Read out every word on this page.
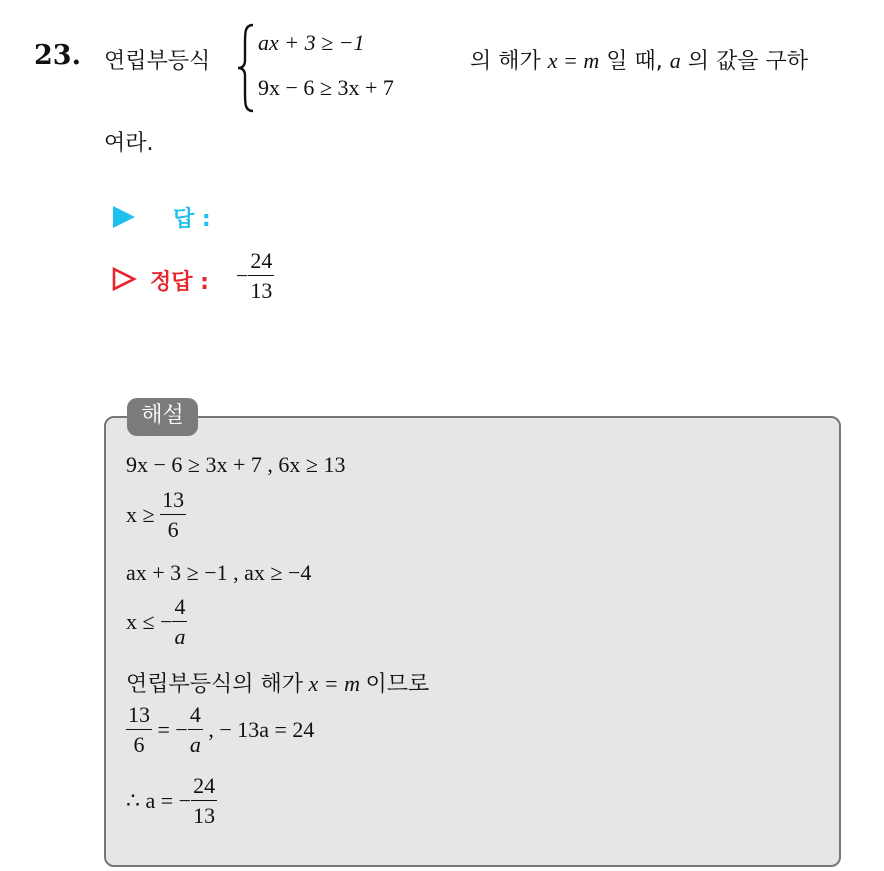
23. 연립부등식
ax + 3 ≥ −1
9x − 6 ≥ 3x + 7
의 해가 x = m 일 때, a 의 값을 구하
여라.
답 :
정답 : − $\frac{24}{13}$
해설
9x − 6 ≥ 3x + 7 , 6x ≥ 13
$x \ge \frac{13}{6}$
ax + 3 ≥ −1 , ax ≥ −4
x ≤ − $\frac{4}{a}$
연립부등식의 해가 x = m 이므로
$\frac{13}{6}$ = − $\frac{4}{a}$ , − 13a = 24
∴ a = − $\frac{24}{13}$
